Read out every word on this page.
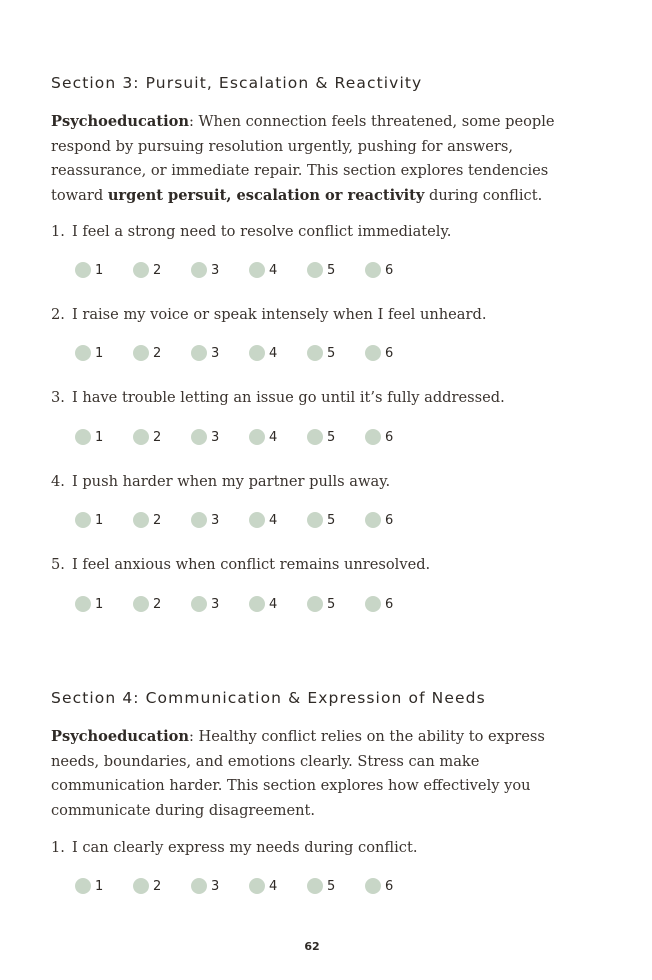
Section 3: Pursuit, Escalation & Reactivity

Psychoeducation: When connection feels threatened, some people respond by pursuing resolution urgently, pushing for answers, reassurance, or immediate repair. This section explores tendencies toward urgent persuit, escalation or reactivity during conflict.

1. I feel a strong need to resolve conflict immediately.

1	2	3	4	5	6

2. I raise my voice or speak intensely when I feel unheard.

1	2	3	4	5	6

3. I have trouble letting an issue go until it’s fully addressed.

1	2	3	4	5	6

4. I push harder when my partner pulls away.

1	2	3	4	5	6

5. I feel anxious when conflict remains unresolved.

1	2	3	4	5	6
Section 4: Communication & Expression of Needs

Psychoeducation: Healthy conflict relies on the ability to express needs, boundaries, and emotions clearly. Stress can make communication harder. This section explores how effectively you communicate during disagreement.

1. I can clearly express my needs during conflict.

1	2	3	4	5	6
62
